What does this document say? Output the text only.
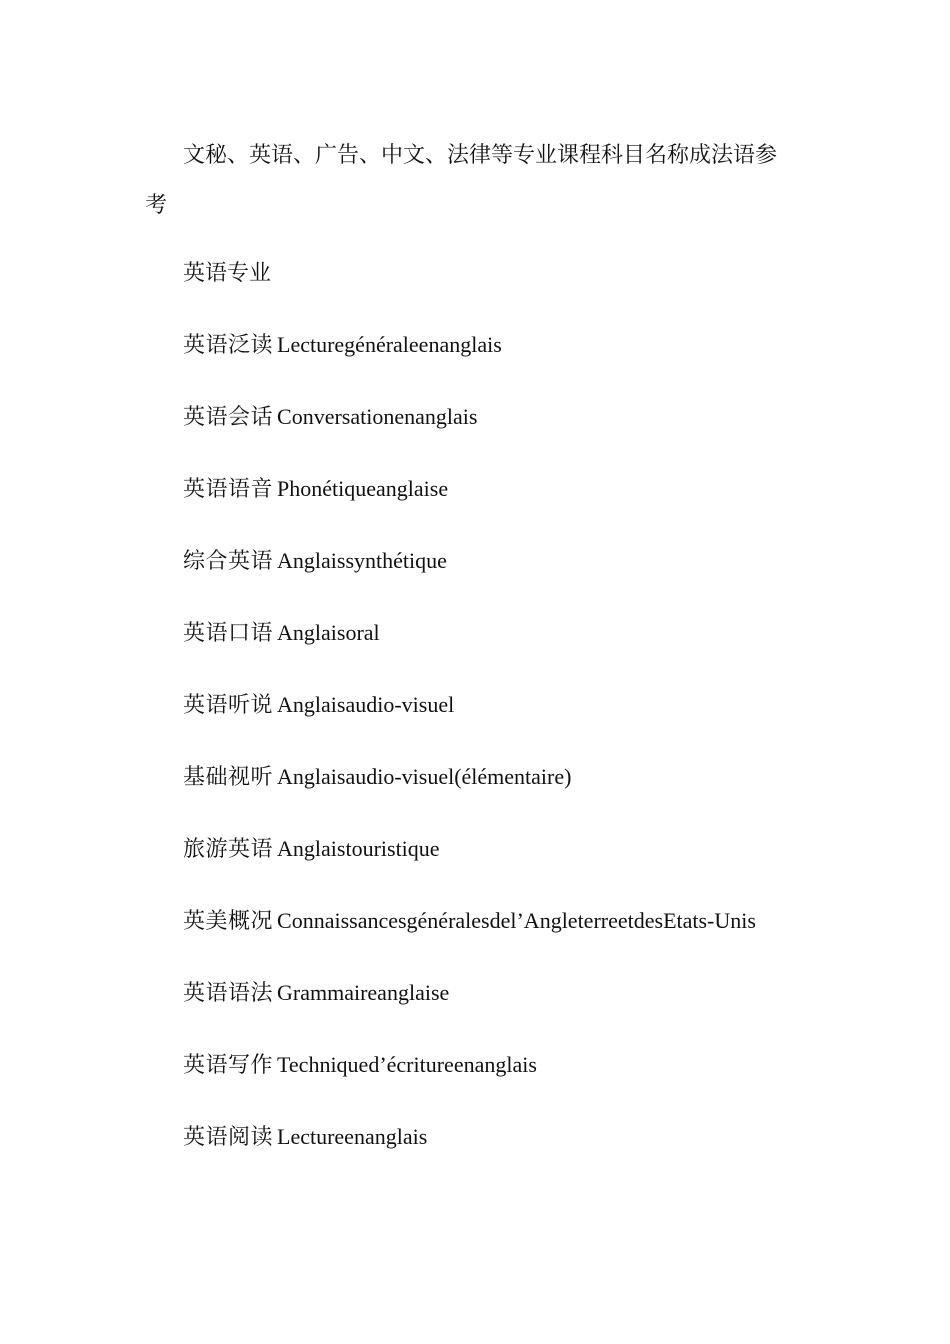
文秘、英语、广告、中文、法律等专业课程科目名称成法语参考

英语专业

英语泛读 Lecturegénéraleenanglais

英语会话 Conversationenanglais

英语语音 Phonétiqueanglaise

综合英语 Anglaissynthétique

英语口语 Anglaisoral

英语听说 Anglaisaudio-visuel

基础视听 Anglaisaudio-visuel(élémentaire)

旅游英语 Anglaistouristique

英美概况 Connaissancesgénéralesdel’AngleterreetdesEtats-Unis

英语语法 Grammaireanglaise

英语写作 Techniqued’écritureenanglais

英语阅读 Lectureenanglais
